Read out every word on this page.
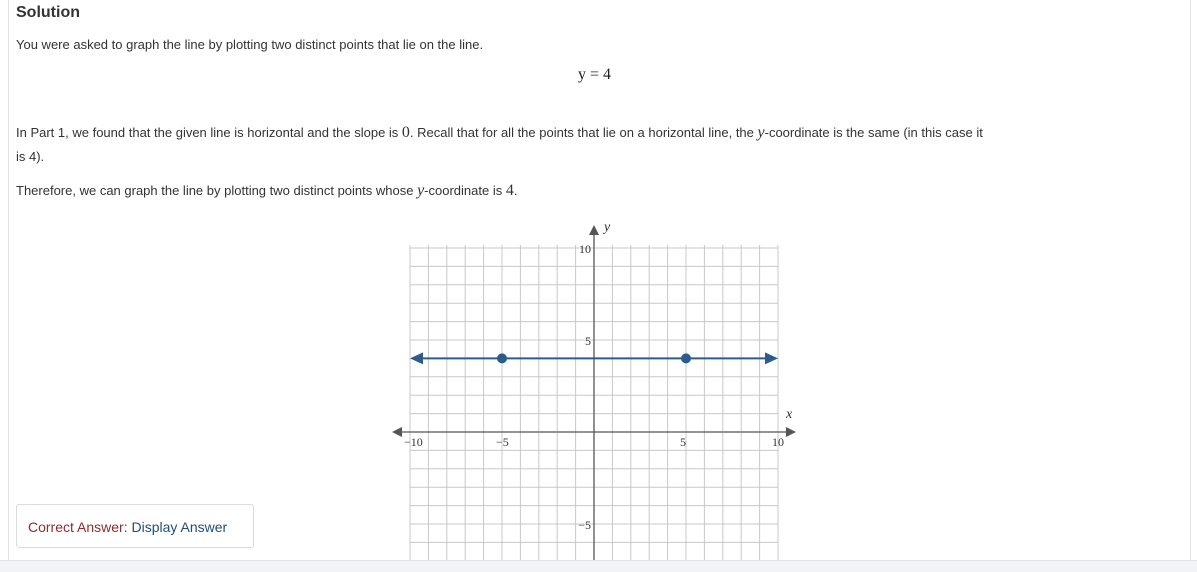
Solution
You were asked to graph the line by plotting two distinct points that lie on the line.
y = 4
In Part 1, we found that the given line is horizontal and the slope is 0. Recall that for all the points that lie on a horizontal line, the y-coordinate is the same (in this case it
is 4).
Therefore, we can graph the line by plotting two distinct points whose y-coordinate is 4.
x
y
−10	−5	5	10
10
5
−5
Correct Answer: Display Answer
